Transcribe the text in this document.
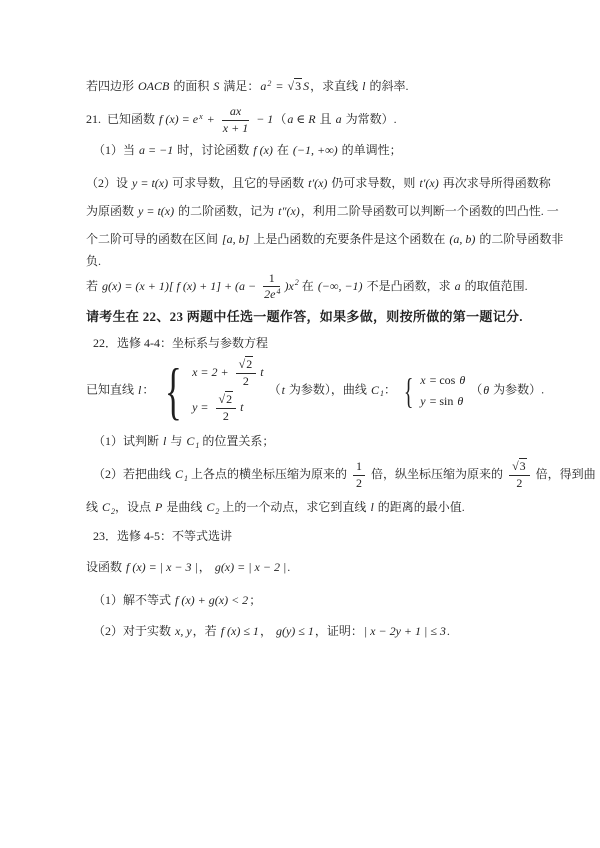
若四边形 OACB 的面积 S 满足：$a^2 = √3$ S，求直线 l 的斜率.
21.  已知函数 f $(x) = e^x + \frac{ax}{x + 1} - 1(a$ ∈ R 且 a 为常数）.
（1）当 a = −1 时，讨论函数 f (x) 在 (−1, +∞) 的单调性；
（2）设 y = t(x) 可求导数，且它的导函数 t′(x) 仍可求导数，则 t′(x) 再次求导所得函数称
为原函数 y = t(x) 的二阶函数，记为 t″(x)，利用二阶导函数可以判断一个函数的凹凸性. 一
个二阶可导的函数在区间 [a, b] 上是凸函数的充要条件是这个函数在 (a, b) 的二阶导函数非
负.
若 g(x) = (x + 1)[ f $(x) + 1] + (a - \frac{1}{2e^4} )x^2$ 在 (−∞, −1) 不是凸函数，求 a 的取值范围.
请考生在 22、23 两题中任选一题作答，如果多做，则按所做的第一题记分.
22．选修 4-4：坐标系与参数方程
已知直线 l： { $x = 2 + \frac{√2}{2}$ t
$y = \frac{√2}{2}$ t
（t 为参数），曲线 $C_1$： { x = cos θ
y = sin θ
（θ 为参数）.
（1）试判断 l 与 $C_1$ 的位置关系；
（2）若把曲线 $C_1$ 上各点的横坐标压缩为原来的 $\frac{1}{2}$ 倍，纵坐标压缩为原来的 $\frac{√3}{2}$ 倍，得到曲
线 $C_2$，设点 P 是曲线 $C_2$ 上的一个动点，求它到直线 l 的距离的最小值.
23．选修 4-5：不等式选讲
设函数 f (x) = | x − 3 |， g(x) = | x − 2 |.
（1）解不等式 f (x) + g(x) < 2；
（2）对于实数 x, y，若 f (x) ≤ 1， g(y) ≤ 1，证明：| x − 2y + 1 | ≤ 3.
